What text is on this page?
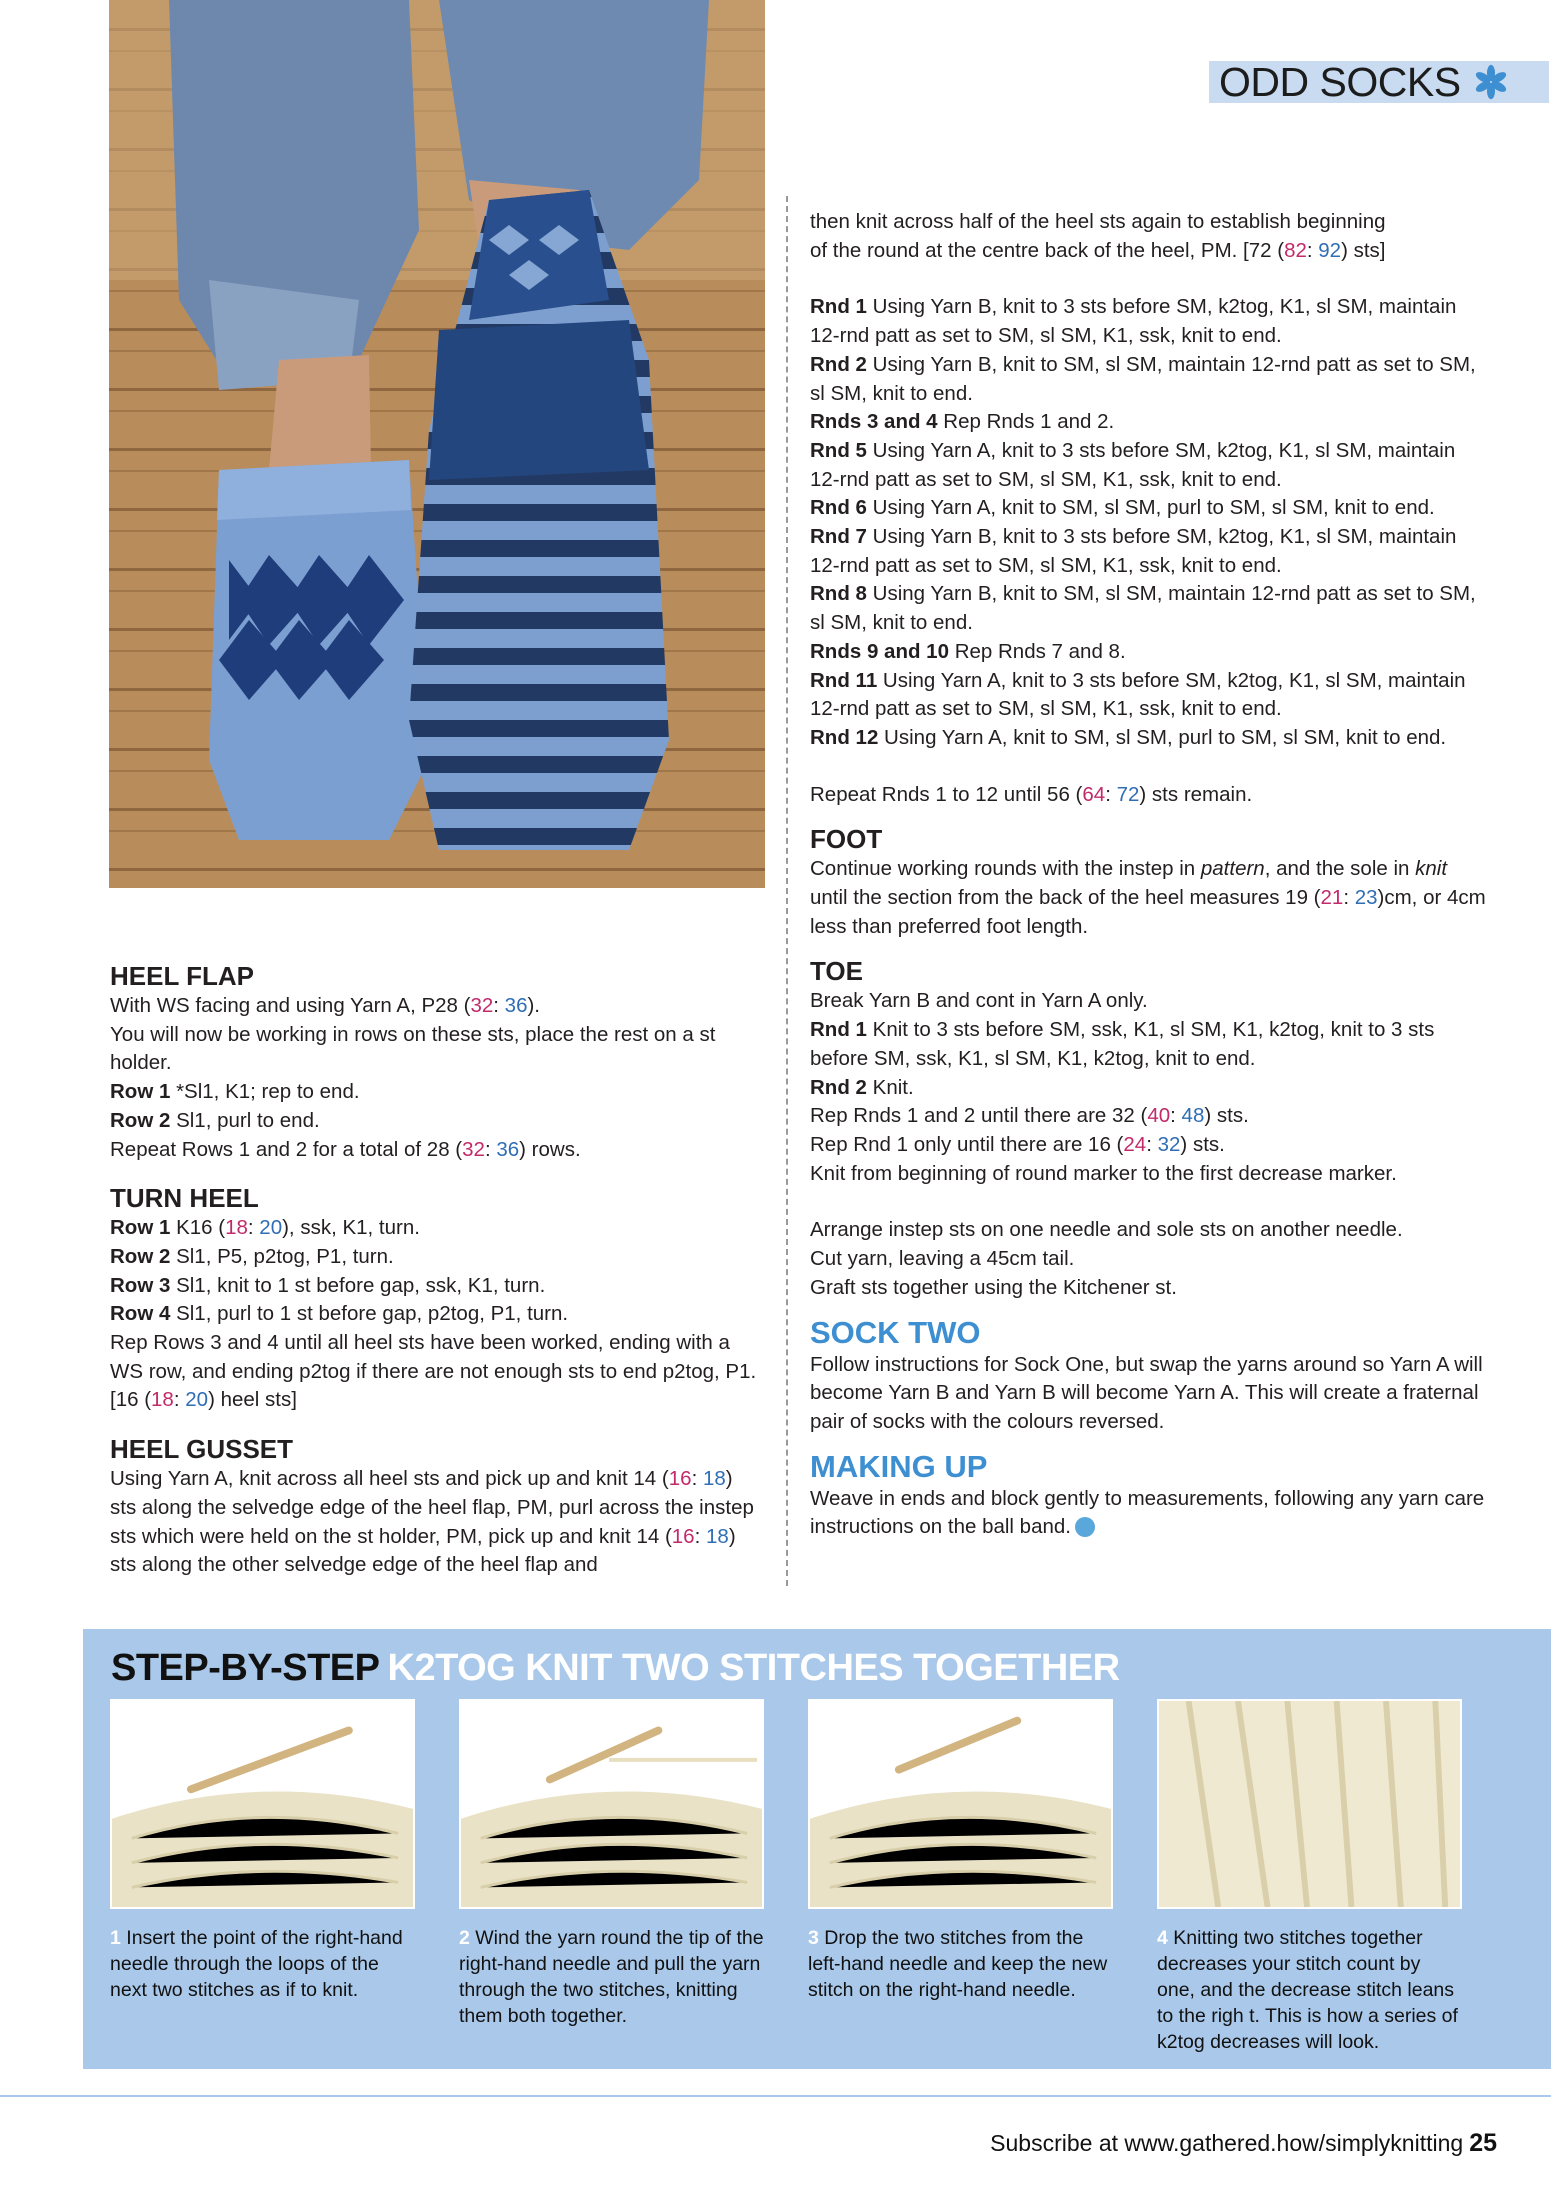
ODD SOCKS
HEEL FLAP

With WS facing and using Yarn A, P28 (32: 36).

You will now be working in rows on these sts, place the rest on a st holder.

Row 1 *Sl1, K1; rep to end.

Row 2 Sl1, purl to end.

Repeat Rows 1 and 2 for a total of 28 (32: 36) rows.

TURN HEEL

Row 1 K16 (18: 20), ssk, K1, turn.

Row 2 Sl1, P5, p2tog, P1, turn.

Row 3 Sl1, knit to 1 st before gap, ssk, K1, turn.

Row 4 Sl1, purl to 1 st before gap, p2tog, P1, turn.

Rep Rows 3 and 4 until all heel sts have been worked, ending with a WS row, and ending p2tog if there are not enough sts to end p2tog, P1. [16 (18: 20) heel sts]

HEEL GUSSET

Using Yarn A, knit across all heel sts and pick up and knit 14 (16: 18) sts along the selvedge edge of the heel flap, PM, purl across the instep sts which were held on the st holder, PM, pick up and knit 14 (16: 18) sts along the other selvedge edge of the heel flap and

then knit across half of the heel sts again to establish beginning
of the round at the centre back of the heel, PM. [72 (82: 92) sts]

Rnd 1 Using Yarn B, knit to 3 sts before SM, k2tog, K1, sl SM, maintain 12-rnd patt as set to SM, sl SM, K1, ssk, knit to end.

Rnd 2 Using Yarn B, knit to SM, sl SM, maintain 12-rnd patt as set to SM, sl SM, knit to end.

Rnds 3 and 4 Rep Rnds 1 and 2.

Rnd 5 Using Yarn A, knit to 3 sts before SM, k2tog, K1, sl SM, maintain 12-rnd patt as set to SM, sl SM, K1, ssk, knit to end.

Rnd 6 Using Yarn A, knit to SM, sl SM, purl to SM, sl SM, knit to end.

Rnd 7 Using Yarn B, knit to 3 sts before SM, k2tog, K1, sl SM, maintain 12-rnd patt as set to SM, sl SM, K1, ssk, knit to end.

Rnd 8 Using Yarn B, knit to SM, sl SM, maintain 12-rnd patt as set to SM, sl SM, knit to end.

Rnds 9 and 10 Rep Rnds 7 and 8.

Rnd 11 Using Yarn A, knit to 3 sts before SM, k2tog, K1, sl SM, maintain 12-rnd patt as set to SM, sl SM, K1, ssk, knit to end.

Rnd 12 Using Yarn A, knit to SM, sl SM, purl to SM, sl SM, knit to end.

Repeat Rnds 1 to 12 until 56 (64: 72) sts remain.

FOOT

Continue working rounds with the instep in pattern, and the sole in knit until the section from the back of the heel measures 19 (21: 23)cm, or 4cm less than preferred foot length.

TOE

Break Yarn B and cont in Yarn A only.

Rnd 1 Knit to 3 sts before SM, ssk, K1, sl SM, K1, k2tog, knit to 3 sts before SM, ssk, K1, sl SM, K1, k2tog, knit to end.

Rnd 2 Knit.

Rep Rnds 1 and 2 until there are 32 (40: 48) sts.

Rep Rnd 1 only until there are 16 (24: 32) sts.

Knit from beginning of round marker to the first decrease marker.

Arrange instep sts on one needle and sole sts on another needle.

Cut yarn, leaving a 45cm tail.

Graft sts together using the Kitchener st.

SOCK TWO

Follow instructions for Sock One, but swap the yarns around so Yarn A will become Yarn B and Yarn B will become Yarn A. This will create a fraternal pair of socks with the colours reversed.

MAKING UP

Weave in ends and block gently to measurements, following any yarn care instructions on the ball band.

STEP-BY-STEP K2TOG KNIT TWO STITCHES TOGETHER

1 Insert the point of the right-hand needle through the loops of the next two stitches as if to knit.

2 Wind the yarn round the tip of the right-hand needle and pull the yarn through the two stitches, knitting them both together.

3 Drop the two stitches from the left-hand needle and keep the new stitch on the right-hand needle.

4 Knitting two stitches together decreases your stitch count by one, and the decrease stitch leans to the righ t. This is how a series of k2tog decreases will look.

Subscribe at www.gathered.how/simplyknitting 25
